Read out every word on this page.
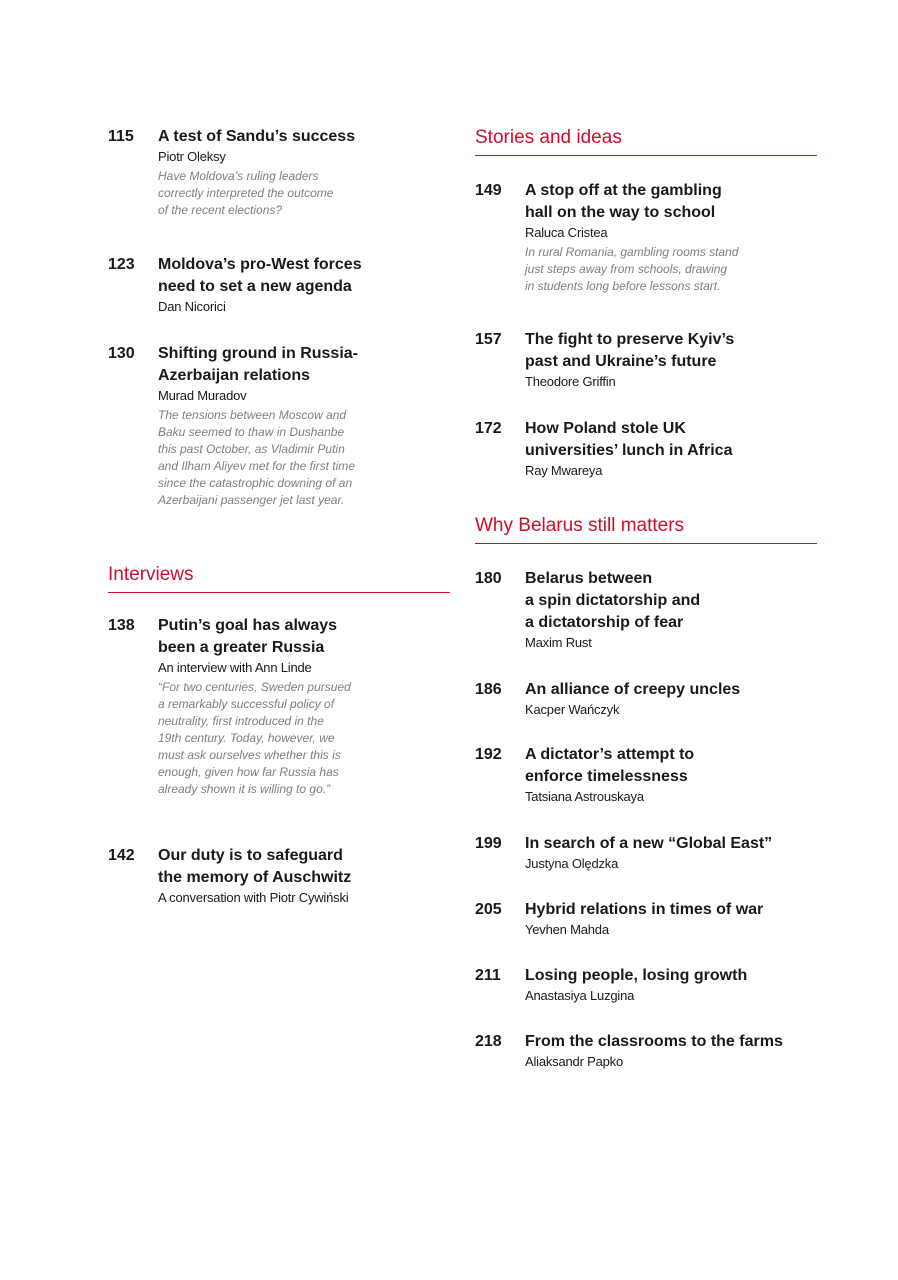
115 A test of Sandu’s success
Piotr Oleksy
Have Moldova’s ruling leaders
correctly interpreted the outcome
of the recent elections?
123 Moldova’s pro-West forces
need to set a new agenda
Dan Nicorici
130 Shifting ground in Russia-
Azerbaijan relations
Murad Muradov
The tensions between Moscow and
Baku seemed to thaw in Dushanbe
this past October, as Vladimir Putin
and Ilham Aliyev met for the first time
since the catastrophic downing of an
Azerbaijani passenger jet last year.
Interviews
138 Putin’s goal has always
been a greater Russia
An interview with Ann Linde
“For two centuries, Sweden pursued
a remarkably successful policy of
neutrality, first introduced in the
19th century. Today, however, we
must ask ourselves whether this is
enough, given how far Russia has
already shown it is willing to go.”
142 Our duty is to safeguard
the memory of Auschwitz
A conversation with Piotr Cywiński
Stories and ideas
149 A stop off at the gambling
hall on the way to school
Raluca Cristea
In rural Romania, gambling rooms stand
just steps away from schools, drawing
in students long before lessons start.
157 The fight to preserve Kyiv’s
past and Ukraine’s future
Theodore Griffin
172 How Poland stole UK
universities’ lunch in Africa
Ray Mwareya
Why Belarus still matters
180 Belarus between
a spin dictatorship and
a dictatorship of fear
Maxim Rust
186 An alliance of creepy uncles
Kacper Wańczyk
192 A dictator’s attempt to
enforce timelessness
Tatsiana Astrouskaya
199 In search of a new “Global East”
Justyna Olędzka
205 Hybrid relations in times of war
Yevhen Mahda
211 Losing people, losing growth
Anastasiya Luzgina
218 From the classrooms to the farms
Aliaksandr Papko
